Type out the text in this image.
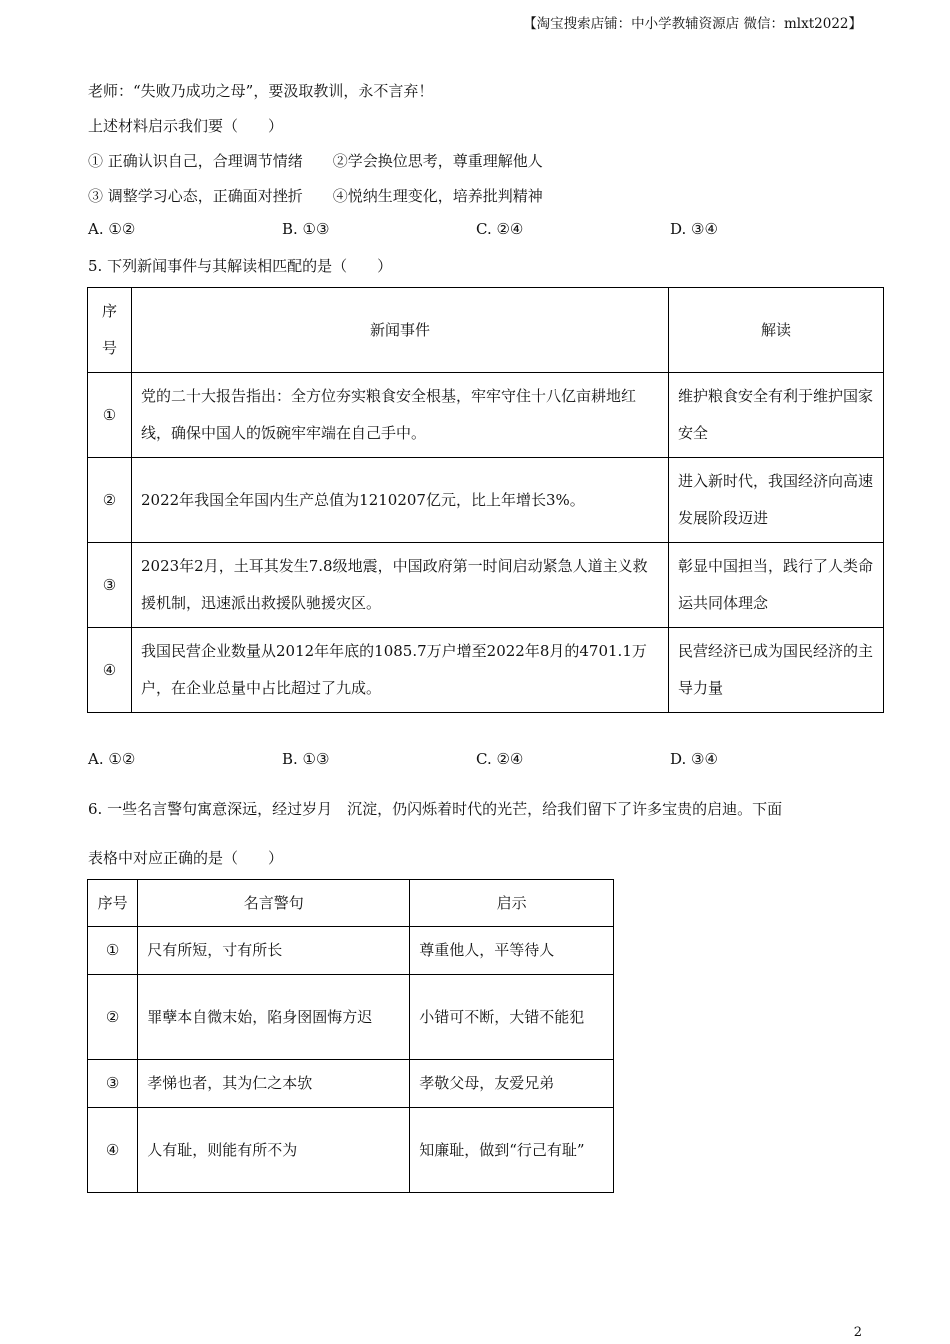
【淘宝搜索店铺：中小学教辅资源店 微信：mlxt2022】
老师：“失败乃成功之母”，要汲取教训，永不言弃！
上述材料启示我们要（　　）
① 正确认识自己，合理调节情绪　　②学会换位思考，尊重理解他人
③ 调整学习心态，正确面对挫折　　④悦纳生理变化，培养批判精神
A. ①②	B. ①③	C. ②④	D. ③④
5. 下列新闻事件与其解读相匹配的是（　　）
序号	新闻事件	解读
①	党的二十大报告指出：全方位夯实粮食安全根基，牢牢守住十八亿亩耕地红线，确保中国人的饭碗牢牢端在自己手中。	维护粮食安全有利于维护国家安全
②	2022年我国全年国内生产总值为1210207亿元，比上年增长3%。	进入新时代，我国经济向高速发展阶段迈进
③	2023年2月，土耳其发生7.8级地震，中国政府第一时间启动紧急人道主义救援机制，迅速派出救援队驰援灾区。	彰显中国担当，践行了人类命运共同体理念
④	我国民营企业数量从2012年年底的1085.7万户增至2022年8月的4701.1万户，在企业总量中占比超过了九成。	民营经济已成为国民经济的主导力量
A. ①②	B. ①③	C. ②④	D. ③④
6. 一些名言警句寓意深远，经过岁月　沉淀，仍闪烁着时代的光芒，给我们留下了许多宝贵的启迪。下面
表格中对应正确的是（　　）
序号	名言警句	启示
①	尺有所短，寸有所长	尊重他人，平等待人
②	罪孽本自微末始，陷身囹圄悔方迟	小错可不断，大错不能犯
③	孝悌也者，其为仁之本欤	孝敬父母，友爱兄弟
④	人有耻，则能有所不为	知廉耻，做到“行己有耻”
2
